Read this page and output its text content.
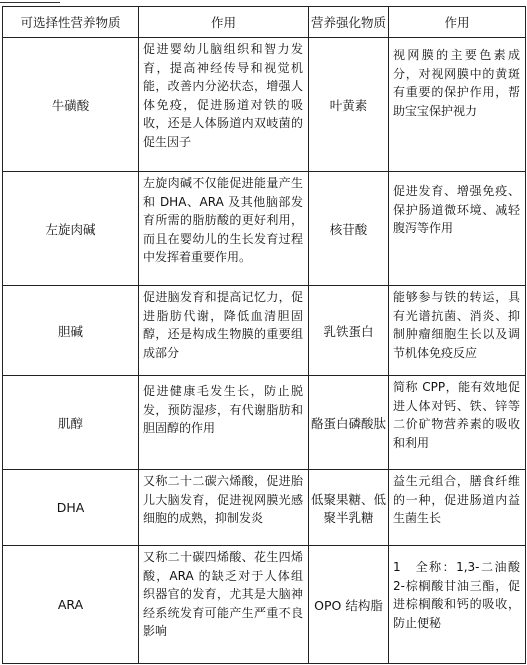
可选择性营养物质	作用	营养强化物质	作用
牛磺酸	促进婴幼儿脑组织和智力发育，提高神经传导和视觉机能，改善内分泌状态，增强人体免疫，促进肠道对铁的吸收，还是人体肠道内双岐菌的促生因子	叶黄素	视网膜的主要色素成分，对视网膜中的黄斑有重要的保护作用，帮助宝宝保护视力

左旋肉碱	左旋肉碱不仅能促进能量产生和 DHA、ARA 及其他脑部发育所需的脂肪酸的更好利用，而且在婴幼儿的生长发育过程中发挥着重要作用。	核苷酸	促进发育、增强免疫、保护肠道微环境、减轻腹泻等作用

胆碱	促进脑发育和提高记忆力，促进脂肪代谢，降低血清胆固醇，还是构成生物膜的重要组成部分	乳铁蛋白	能够参与铁的转运，具有光谱抗菌、消炎、抑制肿瘤细胞生长以及调节机体免疫反应

肌醇	促进健康毛发生长，防止脱发，预防湿疹，有代谢脂肪和胆固醇的作用	酪蛋白磷酸肽	简称 CPP，能有效地促进人体对钙、铁、锌等二价矿物营养素的吸收和利用

DHA	又称二十二碳六烯酸，促进胎儿大脑发育，促进视网膜光感细胞的成熟，抑制发炎	低聚果糖、低聚半乳糖	益生元组合，膳食纤维的一种，促进肠道内益生菌生长

ARA	又称二十碳四烯酸、花生四烯酸，ARA 的缺乏对于人体组织器官的发育，尤其是大脑神经系统发育可能产生严重不良影响	OPO 结构脂	1　全称：1,3-二油酸 2-棕榈酸甘油三酯，促进棕榈酸和钙的吸收，防止便秘
